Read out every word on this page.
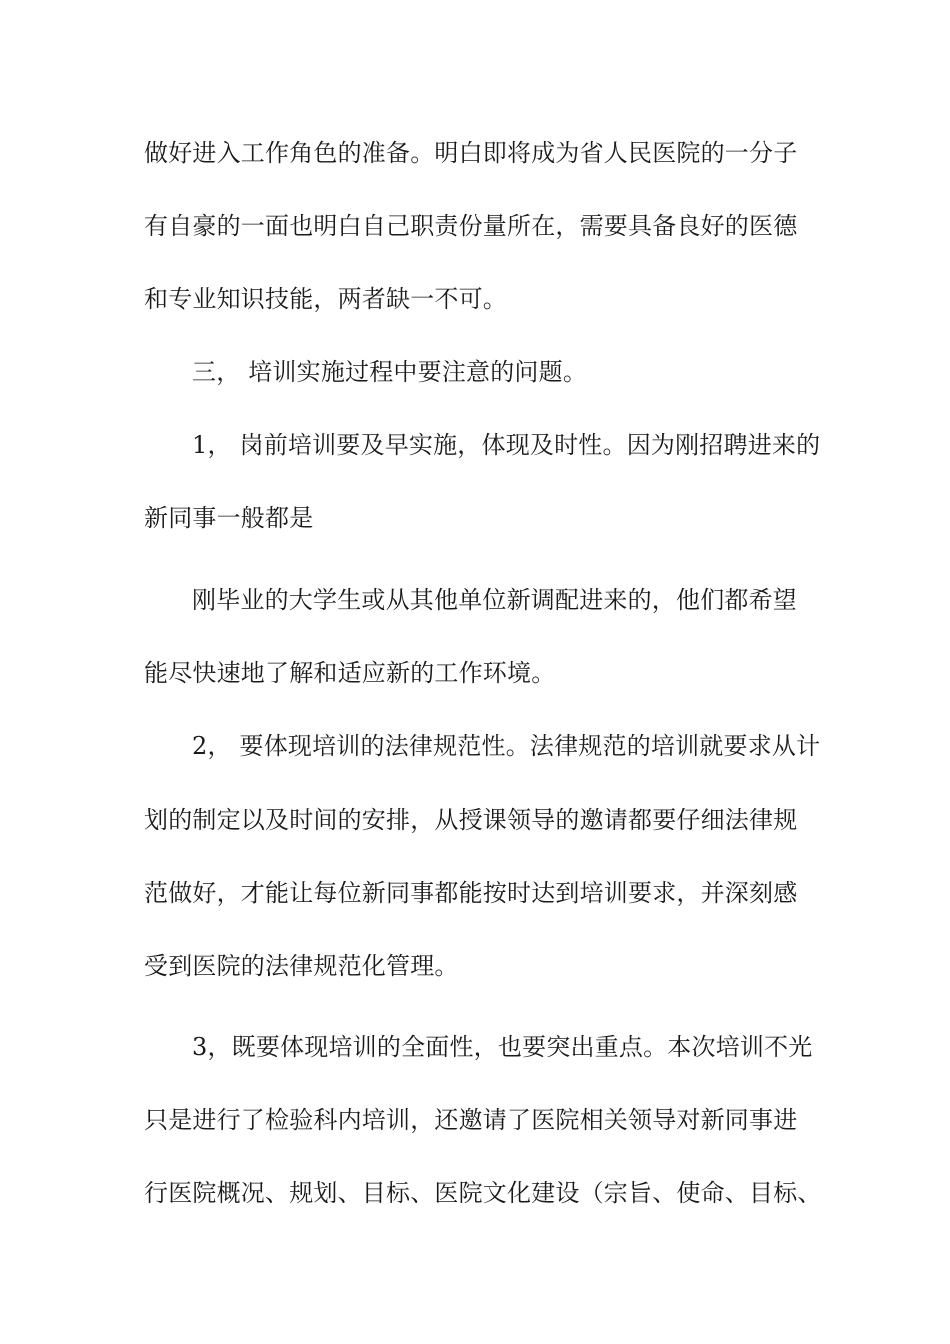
做好进入工作角色的准备。明白即将成为省人民医院的一分子
有自豪的一面也明白自己职责份量所在，需要具备良好的医德
和专业知识技能，两者缺一不可。
三， 培训实施过程中要注意的问题。
1， 岗前培训要及早实施，体现及时性。因为刚招聘进来的
新同事一般都是
刚毕业的大学生或从其他单位新调配进来的，他们都希望
能尽快速地了解和适应新的工作环境。
2， 要体现培训的法律规范性。法律规范的培训就要求从计
划的制定以及时间的安排，从授课领导的邀请都要仔细法律规
范做好，才能让每位新同事都能按时达到培训要求，并深刻感
受到医院的法律规范化管理。
3，既要体现培训的全面性，也要突出重点。本次培训不光
只是进行了检验科内培训，还邀请了医院相关领导对新同事进
行医院概况、规划、目标、医院文化建设（宗旨、使命、目标、
